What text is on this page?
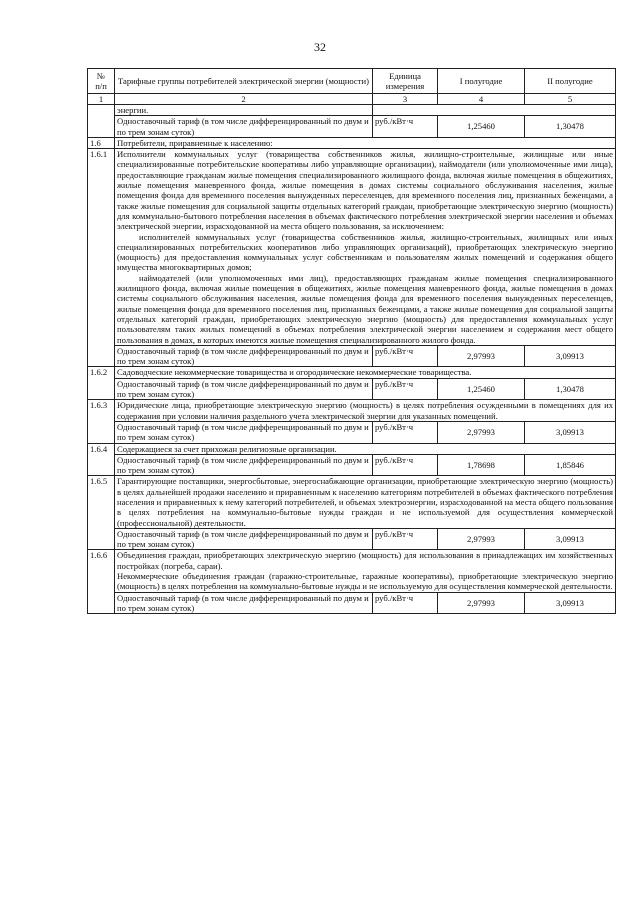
32
№
п/п	Тарифные группы потребителей электрической энергии (мощности)	Единица измерения	I полугодие	II полугодие
1	2	3	4	5
	энергии.			
	Одноставочный тариф (в том числе дифференцированный по двум и по трем зонам суток)	руб./кВт·ч	1,25460	1,30478
1.6	Потребители, приравненные к населению:			
1.6.1	Исполнители коммунальных услуг (товарищества собственников жилья, жилищно-строительные, жилищные или иные специализированные потребительские кооперативы либо управляющие организации), наймодатели (или уполномоченные ими лица), предоставляющие гражданам жилые помещения специализированного жилищного фонда, включая жилые помещения в общежитиях, жилые помещения маневренного фонда, жилые помещения в домах системы социального обслуживания населения, жилые помещения фонда для временного поселения вынужденных переселенцев, для временного поселения лиц, признанных беженцами, а также жилые помещения для социальной защиты отдельных категорий граждан, приобретающие электрическую энергию (мощность) для коммунально-бытового потребления населения в объемах фактического потребления электрической энергии населения и объемах электрической энергии, израсходованной на места общего пользования, за исключением:

исполнителей коммунальных услуг (товарищества собственников жилья, жилищно-строительных, жилищных или иных специализированных потребительских кооперативов либо управляющих организаций), приобретающих электрическую энергию (мощность) для предоставления коммунальных услуг собственникам и пользователям жилых помещений и содержания общего имущества многоквартирных домов;

наймодателей (или уполномоченных ими лиц), предоставляющих гражданам жилые помещения специализированного жилищного фонда, включая жилые помещения в общежитиях, жилые помещения маневренного фонда, жилые помещения в домах системы социального обслуживания населения, жилые помещения фонда для временного поселения вынужденных переселенцев, жилые помещения фонда для временного поселения лиц, признанных беженцами, а также жилые помещения для социальной защиты отдельных категорий граждан, приобретающих электрическую энергию (мощность) для предоставления коммунальных услуг пользователям таких жилых помещений в объемах потребления электрической энергии населением и содержания мест общего пользования в домах, в которых имеются жилые помещения специализированного жилого фонда.			

	Одноставочный тариф (в том числе дифференцированный по двум и по трем зонам суток)	руб./кВт·ч	2,97993	3,09913
1.6.2	Садоводческие некоммерческие товарищества и огороднические некоммерческие товарищества.			
	Одноставочный тариф (в том числе дифференцированный по двум и по трем зонам суток)	руб./кВт·ч	1,25460	1,30478
1.6.3	Юридические лица, приобретающие электрическую энергию (мощность) в целях потребления осужденными в помещениях для их содержания при условии наличия раздельного учета электрической энергии для указанных помещений.			
	Одноставочный тариф (в том числе дифференцированный по двум и по трем зонам суток)	руб./кВт·ч	2,97993	3,09913
1.6.4	Содержащиеся за счет прихожан религиозные организации.			
	Одноставочный тариф (в том числе дифференцированный по двум и по трем зонам суток)	руб./кВт·ч	1,78698	1,85846
1.6.5	Гарантирующие поставщики, энергосбытовые, энергоснабжающие организации, приобретающие электрическую энергию (мощность) в целях дальнейшей продажи населению и приравненным к населению категориям потребителей в объемах фактического потребления населения и приравненных к нему категорий потребителей, и объемах электроэнергии, израсходованной на места общего пользования в целях потребления на коммунально-бытовые нужды граждан и не используемой для осуществления коммерческой (профессиональной) деятельности.			
	Одноставочный тариф (в том числе дифференцированный по двум и по трем зонам суток)	руб./кВт·ч	2,97993	3,09913
1.6.6	Объединения граждан, приобретающих электрическую энергию (мощность) для использования в принадлежащих им хозяйственных постройках (погреба, сараи).

Некоммерческие объединения граждан (гаражно-строительные, гаражные кооперативы), приобретающие электрическую энергию (мощность) в целях потребления на коммунально-бытовые нужды и не используемую для осуществления коммерческой деятельности.			

	Одноставочный тариф (в том числе дифференцированный по двум и по трем зонам суток)	руб./кВт·ч	2,97993	3,09913
